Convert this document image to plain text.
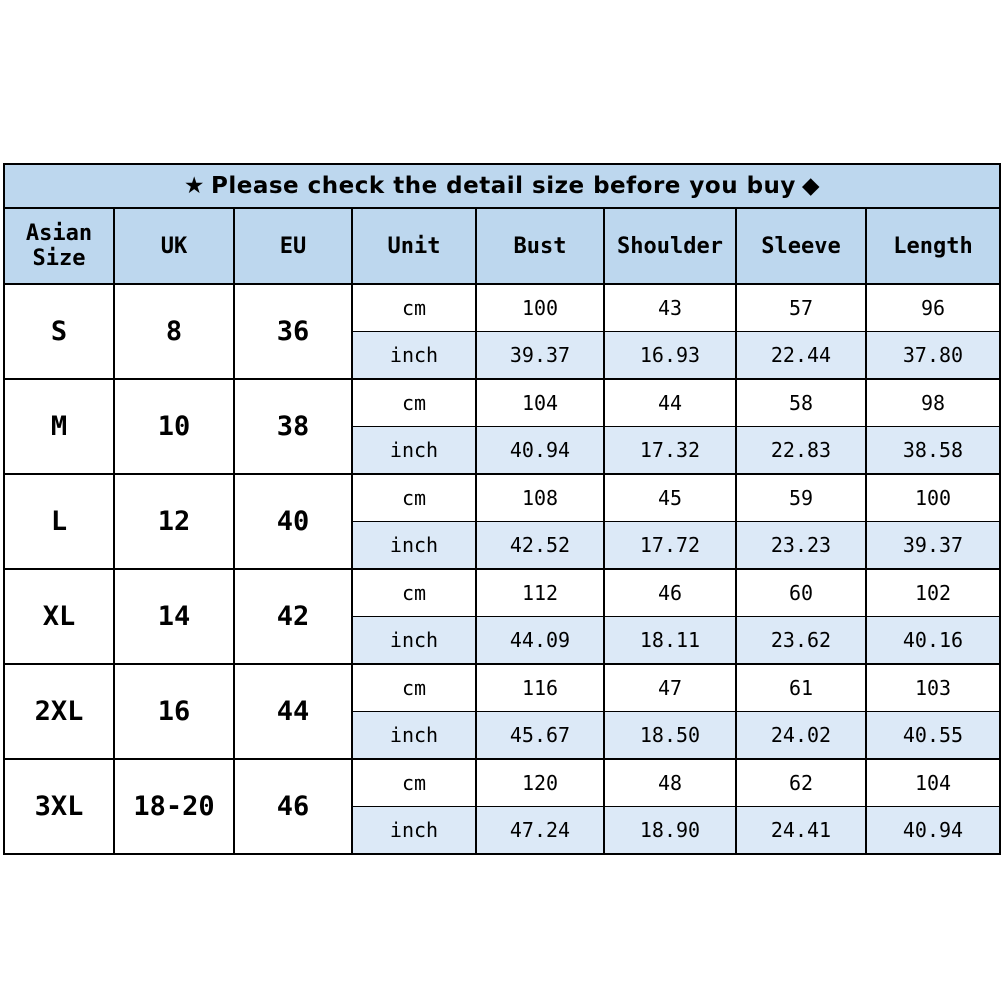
★ Please check the detail size before you buy ◆							

Asian
Size	UK	EU	Unit	Bust	Shoulder	Sleeve	Length
S	8	36	cm	100	43	57	96
			inch	39.37	16.93	22.44	37.80
M	10	38	cm	104	44	58	98
			inch	40.94	17.32	22.83	38.58
L	12	40	cm	108	45	59	100
			inch	42.52	17.72	23.23	39.37
XL	14	42	cm	112	46	60	102
			inch	44.09	18.11	23.62	40.16
2XL	16	44	cm	116	47	61	103
			inch	45.67	18.50	24.02	40.55
3XL	18-20	46	cm	120	48	62	104
			inch	47.24	18.90	24.41	40.94
